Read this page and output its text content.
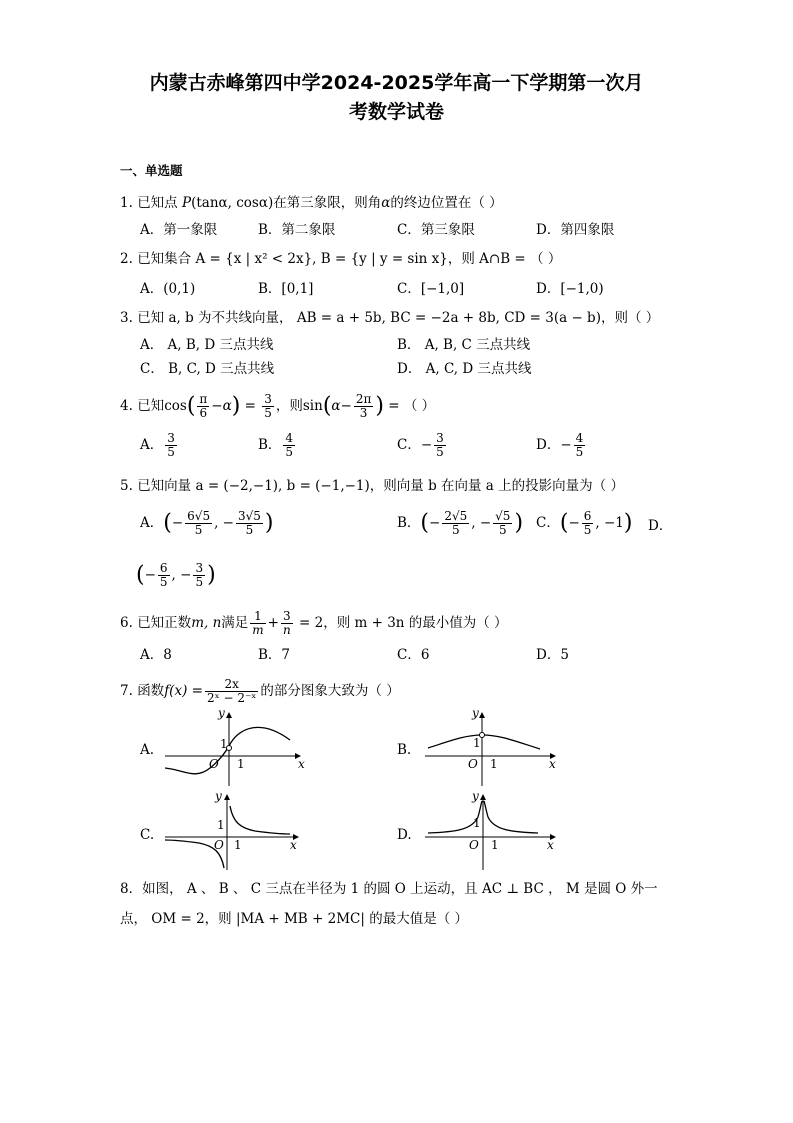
内蒙古赤峰第四中学2024-2025学年高一下学期第一次月
考数学试卷
一、单选题
1. 已知点 P(tanα, cosα)在第三象限，则角α的终边位置在（ ）
A．第一象限	B．第二象限	C．第三象限	D．第四象限
2. 已知集合 A = {x | x² < 2x}, B = {y | y = sin x}，则 A∩B = （ ）
A．(0,1)	B．[0,1]	C．[−1,0]	D．[−1,0)
3. 已知 a, b 为不共线向量， AB = a + 5b, BC = −2a + 8b, CD = 3(a − b)，则（ ）
A． A, B, D 三点共线	B． A, B, C 三点共线
C． B, C, D 三点共线	D． A, C, D 三点共线
4. 已知$\cos( \frac{\pi}{6} -\alpha) = \frac{3}{5}$ ，则$\sin(\alpha- \frac{2\pi}{3}$ ) = （ ）
A． $\frac{3}{5}$	B． $\frac{4}{5}$	C．− $\frac{3}{5}$	D．− $\frac{4}{5}$
5. 已知向量 a = (−2,−1), b = (−1,−1)，则向量 b 在向量 a 上的投影向量为（ ）
A．(− $\frac{6√5}{5}$ , − $\frac{3√5}{5}$ )	B．(− $\frac{2√5}{5}$ , − $\frac{√5}{5}$ ) C．(− $\frac{6}{5}$ , −1) D．
(− $\frac{6}{5}$ , − $\frac{3}{5}$ )
6. 已知正数m, n满足 $\frac{1}{m} + \frac{3}{n} = 2$，则 m + 3n 的最小值为（ ）
A．8	B．7	C．6	D．5
7. 函数$f(x) = \frac{2x}{\text{2ˣ − 2⁻ˣ}}$ 的部分图象大致为（ ）
A.	B.
C.	D.
y
x
O
1
1
y
x
O
1
1
y
x
O
1
1
y
x
O
1
1
8．如图， A 、 B 、 C 三点在半径为 1 的圆 O 上运动，且 AC ⊥ BC ， M 是圆 O 外一
点， OM = 2，则 |MA + MB + 2MC| 的最大值是（ ）
